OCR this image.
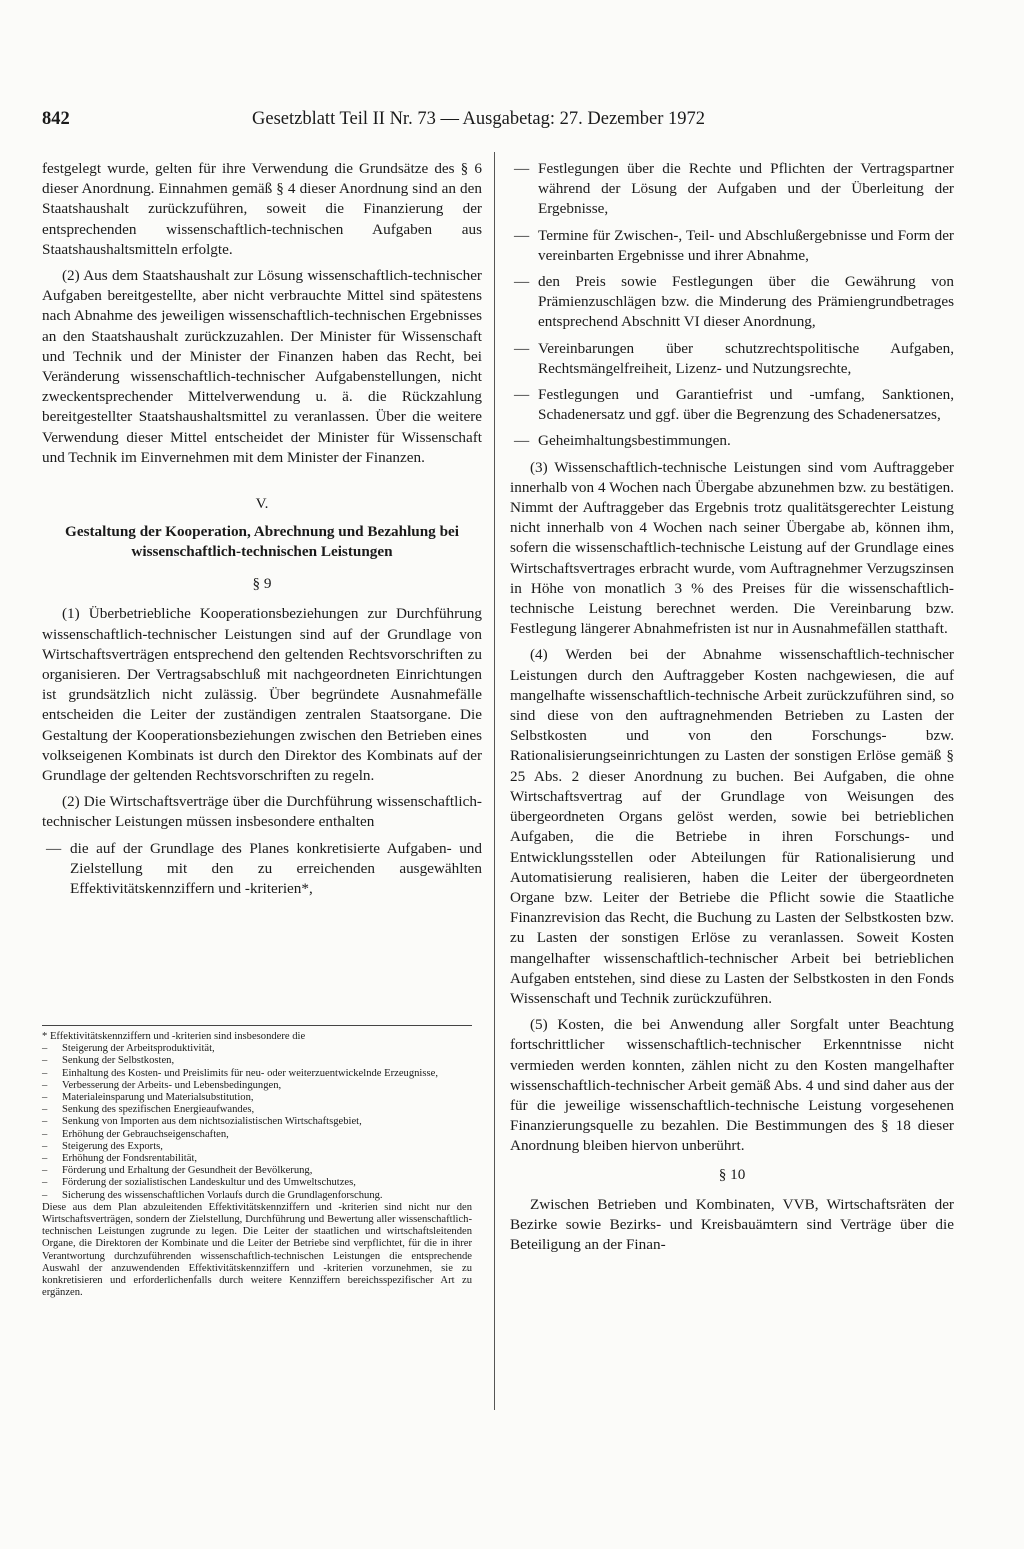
842	Gesetzblatt Teil II Nr. 73 — Ausgabetag: 27. Dezember 1972

festgelegt wurde, gelten für ihre Verwendung die Grundsätze des § 6 dieser Anordnung. Einnahmen gemäß § 4 dieser Anordnung sind an den Staatshaushalt zurückzuführen, soweit die Finanzierung der entsprechenden wissenschaftlich-technischen Aufgaben aus Staatshaushaltsmitteln erfolgte.

(2) Aus dem Staatshaushalt zur Lösung wissenschaftlich-technischer Aufgaben bereitgestellte, aber nicht verbrauchte Mittel sind spätestens nach Abnahme des jeweiligen wissenschaftlich-technischen Ergebnisses an den Staatshaushalt zurückzuzahlen. Der Minister für Wissenschaft und Technik und der Minister der Finanzen haben das Recht, bei Veränderung wissenschaftlich-technischer Aufgabenstellungen, nicht zweckentsprechender Mittelverwendung u. ä. die Rückzahlung bereitgestellter Staatshaushaltsmittel zu veranlassen. Über die weitere Verwendung dieser Mittel entscheidet der Minister für Wissenschaft und Technik im Einvernehmen mit dem Minister der Finanzen.

V.
Gestaltung der Kooperation, Abrechnung und Bezahlung bei wissenschaftlich-technischen Leistungen
§ 9

(1) Überbetriebliche Kooperationsbeziehungen zur Durchführung wissenschaftlich-technischer Leistungen sind auf der Grundlage von Wirtschaftsverträgen entsprechend den geltenden Rechtsvorschriften zu organisieren. Der Vertragsabschluß mit nachgeordneten Einrichtungen ist grundsätzlich nicht zulässig. Über begründete Ausnahmefälle entscheiden die Leiter der zuständigen zentralen Staatsorgane. Die Gestaltung der Kooperationsbeziehungen zwischen den Betrieben eines volkseigenen Kombinats ist durch den Direktor des Kombinats auf der Grundlage der geltenden Rechtsvorschriften zu regeln.

(2) Die Wirtschaftsverträge über die Durchführung wissenschaftlich-technischer Leistungen müssen insbesondere enthalten

— die auf der Grundlage des Planes konkretisierte Aufgaben- und Zielstellung mit den zu erreichenden ausgewählten Effektivitätskennziffern und -kriterien*,

* Effektivitätskennziffern und -kriterien sind insbesondere die

– Steigerung der Arbeitsproduktivität,
– Senkung der Selbstkosten,
– Einhaltung des Kosten- und Preislimits für neu- oder weiterzuentwickelnde Erzeugnisse,
– Verbesserung der Arbeits- und Lebensbedingungen,
– Materialeinsparung und Materialsubstitution,
– Senkung des spezifischen Energieaufwandes,
– Senkung von Importen aus dem nichtsozialistischen Wirtschaftsgebiet,
– Erhöhung der Gebrauchseigenschaften,
– Steigerung des Exports,
– Erhöhung der Fondsrentabilität,
– Förderung und Erhaltung der Gesundheit der Bevölkerung,
– Förderung der sozialistischen Landeskultur und des Umweltschutzes,
– Sicherung des wissenschaftlichen Vorlaufs durch die Grundlagenforschung.

Diese aus dem Plan abzuleitenden Effektivitätskennziffern und -kriterien sind nicht nur den Wirtschaftsverträgen, sondern der Zielstellung, Durchführung und Bewertung aller wissenschaftlich-technischen Leistungen zugrunde zu legen. Die Leiter der staatlichen und wirtschaftsleitenden Organe, die Direktoren der Kombinate und die Leiter der Betriebe sind verpflichtet, für die in ihrer Verantwortung durchzuführenden wissenschaftlich-technischen Leistungen die entsprechende Auswahl der anzuwendenden Effektivitätskennziffern und -kriterien vorzunehmen, sie zu konkretisieren und erforderlichenfalls durch weitere Kennziffern bereichsspezifischer Art zu ergänzen.

— Festlegungen über die Rechte und Pflichten der Vertragspartner während der Lösung der Aufgaben und der Überleitung der Ergebnisse,
— Termine für Zwischen-, Teil- und Abschlußergebnisse und Form der vereinbarten Ergebnisse und ihrer Abnahme,
— den Preis sowie Festlegungen über die Gewährung von Prämienzuschlägen bzw. die Minderung des Prämiengrundbetrages entsprechend Abschnitt VI dieser Anordnung,
— Vereinbarungen über schutzrechtspolitische Aufgaben, Rechtsmängelfreiheit, Lizenz- und Nutzungsrechte,
— Festlegungen und Garantiefrist und -umfang, Sanktionen, Schadenersatz und ggf. über die Begrenzung des Schadenersatzes,
— Geheimhaltungsbestimmungen.

(3) Wissenschaftlich-technische Leistungen sind vom Auftraggeber innerhalb von 4 Wochen nach Übergabe abzunehmen bzw. zu bestätigen. Nimmt der Auftraggeber das Ergebnis trotz qualitätsgerechter Leistung nicht innerhalb von 4 Wochen nach seiner Übergabe ab, können ihm, sofern die wissenschaftlich-technische Leistung auf der Grundlage eines Wirtschaftsvertrages erbracht wurde, vom Auftragnehmer Verzugszinsen in Höhe von monatlich 3 % des Preises für die wissenschaftlich-technische Leistung berechnet werden. Die Vereinbarung bzw. Festlegung längerer Abnahmefristen ist nur in Ausnahmefällen statthaft.

(4) Werden bei der Abnahme wissenschaftlich-technischer Leistungen durch den Auftraggeber Kosten nachgewiesen, die auf mangelhafte wissenschaftlich-technische Arbeit zurückzuführen sind, so sind diese von den auftragnehmenden Betrieben zu Lasten der Selbstkosten und von den Forschungs- bzw. Rationalisierungseinrichtungen zu Lasten der sonstigen Erlöse gemäß § 25 Abs. 2 dieser Anordnung zu buchen. Bei Aufgaben, die ohne Wirtschaftsvertrag auf der Grundlage von Weisungen des übergeordneten Organs gelöst werden, sowie bei betrieblichen Aufgaben, die die Betriebe in ihren Forschungs- und Entwicklungsstellen oder Abteilungen für Rationalisierung und Automatisierung realisieren, haben die Leiter der übergeordneten Organe bzw. Leiter der Betriebe die Pflicht sowie die Staatliche Finanzrevision das Recht, die Buchung zu Lasten der Selbstkosten bzw. zu Lasten der sonstigen Erlöse zu veranlassen. Soweit Kosten mangelhafter wissenschaftlich-technischer Arbeit bei betrieblichen Aufgaben entstehen, sind diese zu Lasten der Selbstkosten in den Fonds Wissenschaft und Technik zurückzuführen.

(5) Kosten, die bei Anwendung aller Sorgfalt unter Beachtung fortschrittlicher wissenschaftlich-technischer Erkenntnisse nicht vermieden werden konnten, zählen nicht zu den Kosten mangelhafter wissenschaftlich-technischer Arbeit gemäß Abs. 4 und sind daher aus der für die jeweilige wissenschaftlich-technische Leistung vorgesehenen Finanzierungsquelle zu bezahlen. Die Bestimmungen des § 18 dieser Anordnung bleiben hiervon unberührt.

§ 10

Zwischen Betrieben und Kombinaten, VVB, Wirtschaftsräten der Bezirke sowie Bezirks- und Kreisbauämtern sind Verträge über die Beteiligung an der Finan-
